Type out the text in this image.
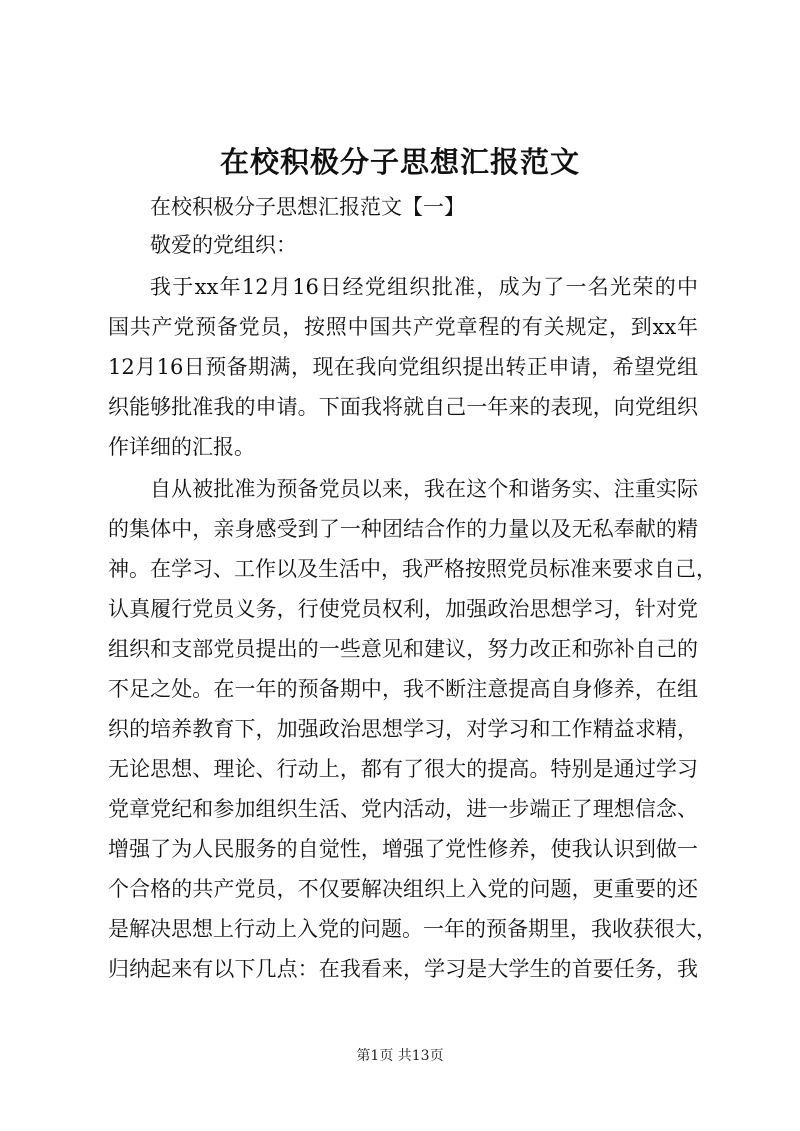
在校积极分子思想汇报范文
在校积极分子思想汇报范文【一】
敬爱的党组织：
我于xx年12月16日经党组织批准，成为了一名光荣的中
国共产党预备党员，按照中国共产党章程的有关规定，到xx年
12月16日预备期满，现在我向党组织提出转正申请，希望党组
织能够批准我的申请。下面我将就自己一年来的表现，向党组织
作详细的汇报。
自从被批准为预备党员以来，我在这个和谐务实、注重实际
的集体中，亲身感受到了一种团结合作的力量以及无私奉献的精
神。在学习、工作以及生活中，我严格按照党员标准来要求自己，
认真履行党员义务，行使党员权利，加强政治思想学习，针对党
组织和支部党员提出的一些意见和建议，努力改正和弥补自己的
不足之处。在一年的预备期中，我不断注意提高自身修养，在组
织的培养教育下，加强政治思想学习，对学习和工作精益求精，
无论思想、理论、行动上，都有了很大的提高。特别是通过学习
党章党纪和参加组织生活、党内活动，进一步端正了理想信念、
增强了为人民服务的自觉性，增强了党性修养，使我认识到做一
个合格的共产党员，不仅要解决组织上入党的问题，更重要的还
是解决思想上行动上入党的问题。一年的预备期里，我收获很大，
归纳起来有以下几点：在我看来，学习是大学生的首要任务，我
第1页 共13页
